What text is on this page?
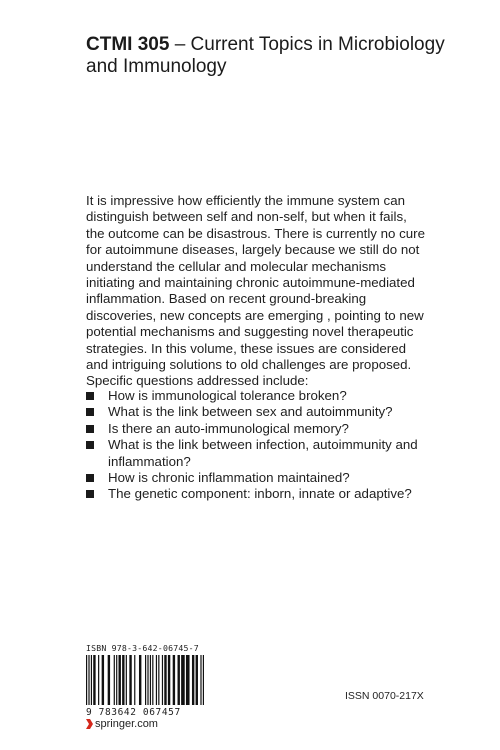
CTMI 305 – Current Topics in Microbiology and Immunology

It is impressive how efficiently the immune system can distinguish between self and non-self, but when it fails, the outcome can be disastrous. There is currently no cure for autoimmune diseases, largely because we still do not understand the cellular and molecular mechanisms initiating and maintaining chronic autoimmune-mediated inflammation. Based on recent ground-breaking discoveries, new concepts are emerging , pointing to new potential mechanisms and suggesting novel therapeutic strategies. In this volume, these issues are considered and intriguing solutions to old challenges are proposed. Specific questions addressed include:

How is immunological tolerance broken?
What is the link between sex and autoimmunity?
Is there an auto-immunological memory?
What is the link between infection, autoimmunity and inflammation?
How is chronic inflammation maintained?
The genetic component: inborn, innate or adaptive?
ISBN 978-3-642-06745-7
9 783642 067457
springer.com
ISSN 0070-217X
